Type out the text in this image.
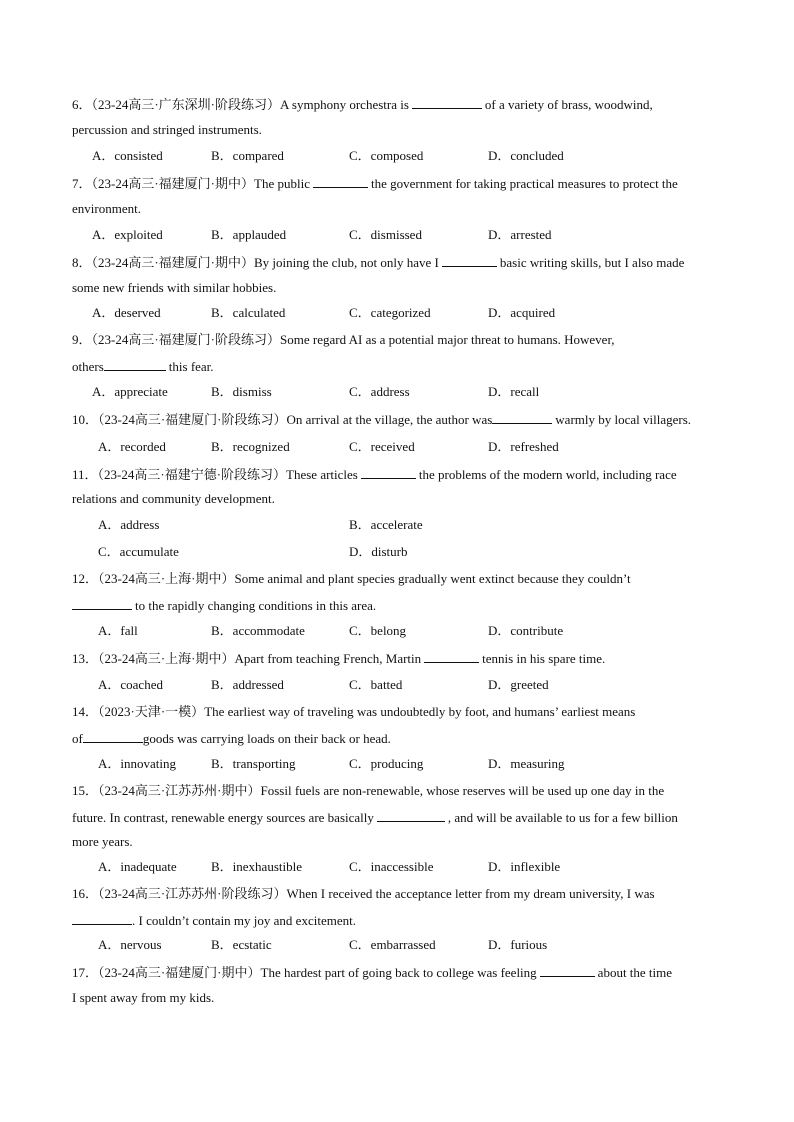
6．（23-24高三·广东深圳·阶段练习）A symphony orchestra is	of a variety of brass, woodwind,
percussion and stringed instruments.
A．consisted	B．compared	C．composed	D．concluded
7．（23-24高三·福建厦门·期中）The public	the government for taking practical measures to protect the
environment.
A．exploited	B．applauded	C．dismissed	D．arrested
8．（23-24高三·福建厦门·期中）By joining the club, not only have I	basic writing skills, but I also made
some new friends with similar hobbies.
A．deserved	B．calculated	C．categorized	D．acquired
9．（23-24高三·福建厦门·阶段练习）Some regard AI as a potential major threat to humans. However,
others	this fear.
A．appreciate	B．dismiss	C．address	D．recall
10．（23-24高三·福建厦门·阶段练习）On arrival at the village, the author was	warmly by local villagers.
A．recorded	B．recognized	C．received	D．refreshed
11．（23-24高三·福建宁德·阶段练习）These articles	the problems of the modern world, including race
relations and community development.
A．address	B．accelerate
C．accumulate	D．disturb
12．（23-24高三·上海·期中）Some animal and plant species gradually went extinct because they couldn’t
to the rapidly changing conditions in this area.
A．fall	B．accommodate	C．belong	D．contribute
13．（23-24高三·上海·期中）Apart from teaching French, Martin	tennis in his spare time.
A．coached	B．addressed	C．batted	D．greeted
14．（2023·天津·一模）The earliest way of traveling was undoubtedly by foot, and humans’ earliest means
of	goods was carrying loads on their back or head.
A．innovating	B．transporting	C．producing	D．measuring
15．（23-24高三·江苏苏州·期中）Fossil fuels are non-renewable, whose reserves will be used up one day in the
future. In contrast, renewable energy sources are basically	, and will be available to us for a few billion
more years.
A．inadequate	B．inexhaustible	C．inaccessible	D．inflexible
16．（23-24高三·江苏苏州·阶段练习）When I received the acceptance letter from my dream university, I was
. I couldn’t contain my joy and excitement.
A．nervous	B．ecstatic	C．embarrassed	D．furious
17．（23-24高三·福建厦门·期中）The hardest part of going back to college was feeling	about the time
I spent away from my kids.
